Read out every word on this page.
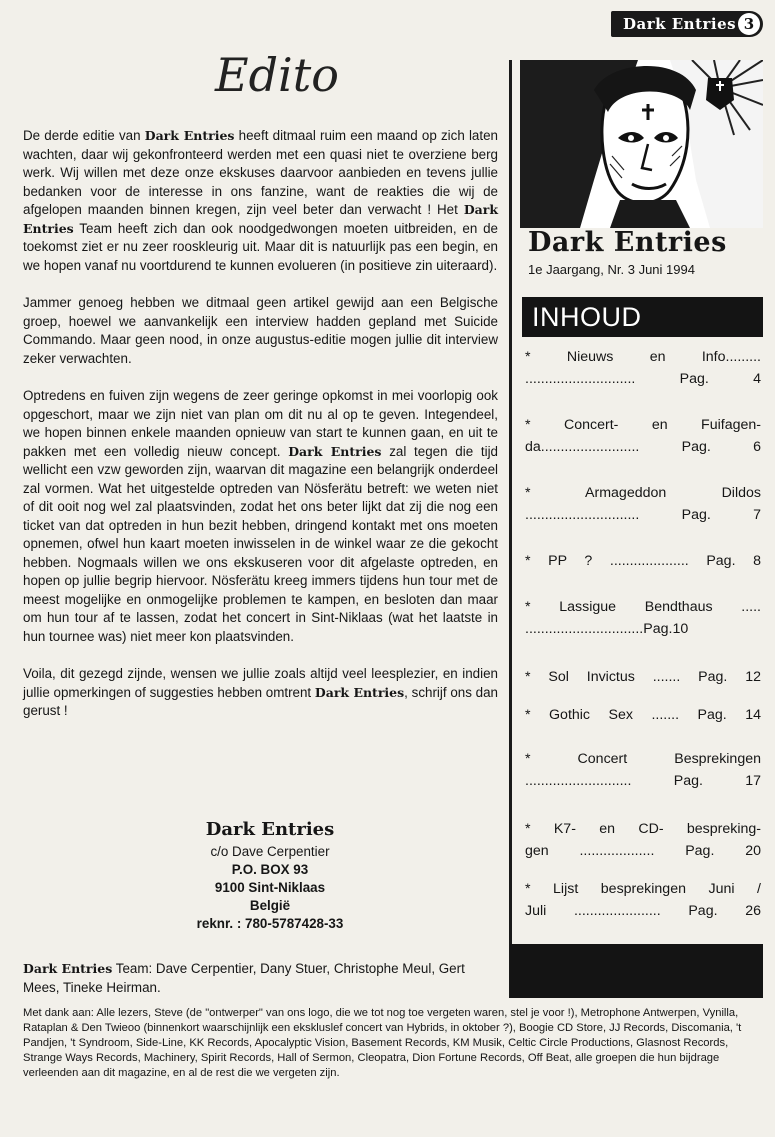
Dark Entries 3
Edito

De derde editie van Dark Entries heeft ditmaal ruim een maand op zich laten wachten, daar wij gekonfronteerd werden met een quasi niet te overziene berg werk. Wij willen met deze onze ekskuses daarvoor aanbieden en tevens jullie bedanken voor de interesse in ons fanzine, want de reakties die wij de afgelopen maanden binnen kregen, zijn veel beter dan verwacht ! Het Dark Entries Team heeft zich dan ook noodgedwongen moeten uitbreiden, en de toekomst ziet er nu zeer rooskleurig uit. Maar dit is natuurlijk pas een begin, en we hopen vanaf nu voortdurend te kunnen evolueren (in positieve zin uiteraard).

Jammer genoeg hebben we ditmaal geen artikel gewijd aan een Belgische groep, hoewel we aanvankelijk een interview hadden gepland met Suicide Commando. Maar geen nood, in onze augustus-editie mogen jullie dit interview zeker verwachten.

Optredens en fuiven zijn wegens de zeer geringe opkomst in mei voorlopig ook opgeschort, maar we zijn niet van plan om dit nu al op te geven. Integendeel, we hopen binnen enkele maanden opnieuw van start te kunnen gaan, en uit te pakken met een volledig nieuw concept. Dark Entries zal tegen die tijd wellicht een vzw geworden zijn, waarvan dit magazine een belangrijk onderdeel zal vormen. Wat het uitgestelde optreden van Nösferätu betreft: we weten niet of dit ooit nog wel zal plaatsvinden, zodat het ons beter lijkt dat zij die nog een ticket van dat optreden in hun bezit hebben, dringend kontakt met ons moeten opnemen, ofwel hun kaart moeten inwisselen in de winkel waar ze die gekocht hebben. Nogmaals willen we ons ekskuseren voor dit afgelaste optreden, en hopen op jullie begrip hiervoor. Nösferätu kreeg immers tijdens hun tour met de meest mogelijke en onmogelijke problemen te kampen, en besloten dan maar om hun tour af te lassen, zodat het concert in Sint-Niklaas (wat het laatste in hun tournee was) niet meer kon plaatsvinden.

Voila, dit gezegd zijnde, wensen we jullie zoals altijd veel leesplezier, en indien jullie opmerkingen of suggesties hebben omtrent Dark Entries, schrijf ons dan gerust !

Dark Entries
c/o Dave Cerpentier
P.O. BOX 93
9100 Sint-Niklaas
België
reknr. : 780-5787428-33
Dark Entries Team: Dave Cerpentier, Dany Stuer, Christophe Meul, Gert Mees, Tineke Heirman.
Dark Entries
1e Jaargang, Nr. 3 Juni 1994
INHOUD
* Nieuws en Info.........
............................ Pag. 4
* Concert- en Fuifagen-
da......................... Pag. 6
* Armageddon Dildos
............................. Pag. 7
* PP ? .................... Pag. 8
* Lassigue Bendthaus .....
..............................Pag.10
* Sol Invictus ....... Pag. 12
* Gothic Sex ....... Pag. 14
* Concert Besprekingen
........................... Pag. 17
* K7- en CD- bespreking-
gen ................... Pag. 20
* Lijst besprekingen Juni /
Juli ...................... Pag. 26
Met dank aan: Alle lezers, Steve (de "ontwerper" van ons logo, die we tot nog toe vergeten waren, stel je voor !), Metrophone Antwerpen, Vynilla, Rataplan & Den Twieoo (binnenkort waarschijnlijk een ekskluslef concert van Hybrids, in oktober ?), Boogie CD Store, JJ Records, Discomania, 't Pandjen, 't Syndroom, Side-Line, KK Records, Apocalyptic Vision, Basement Records, KM Musik, Celtic Circle Productions, Glasnost Records, Strange Ways Records, Machinery, Spirit Records, Hall of Sermon, Cleopatra, Dion Fortune Records, Off Beat, alle groepen die hun bijdrage verleenden aan dit magazine, en al de rest die we vergeten zijn.
